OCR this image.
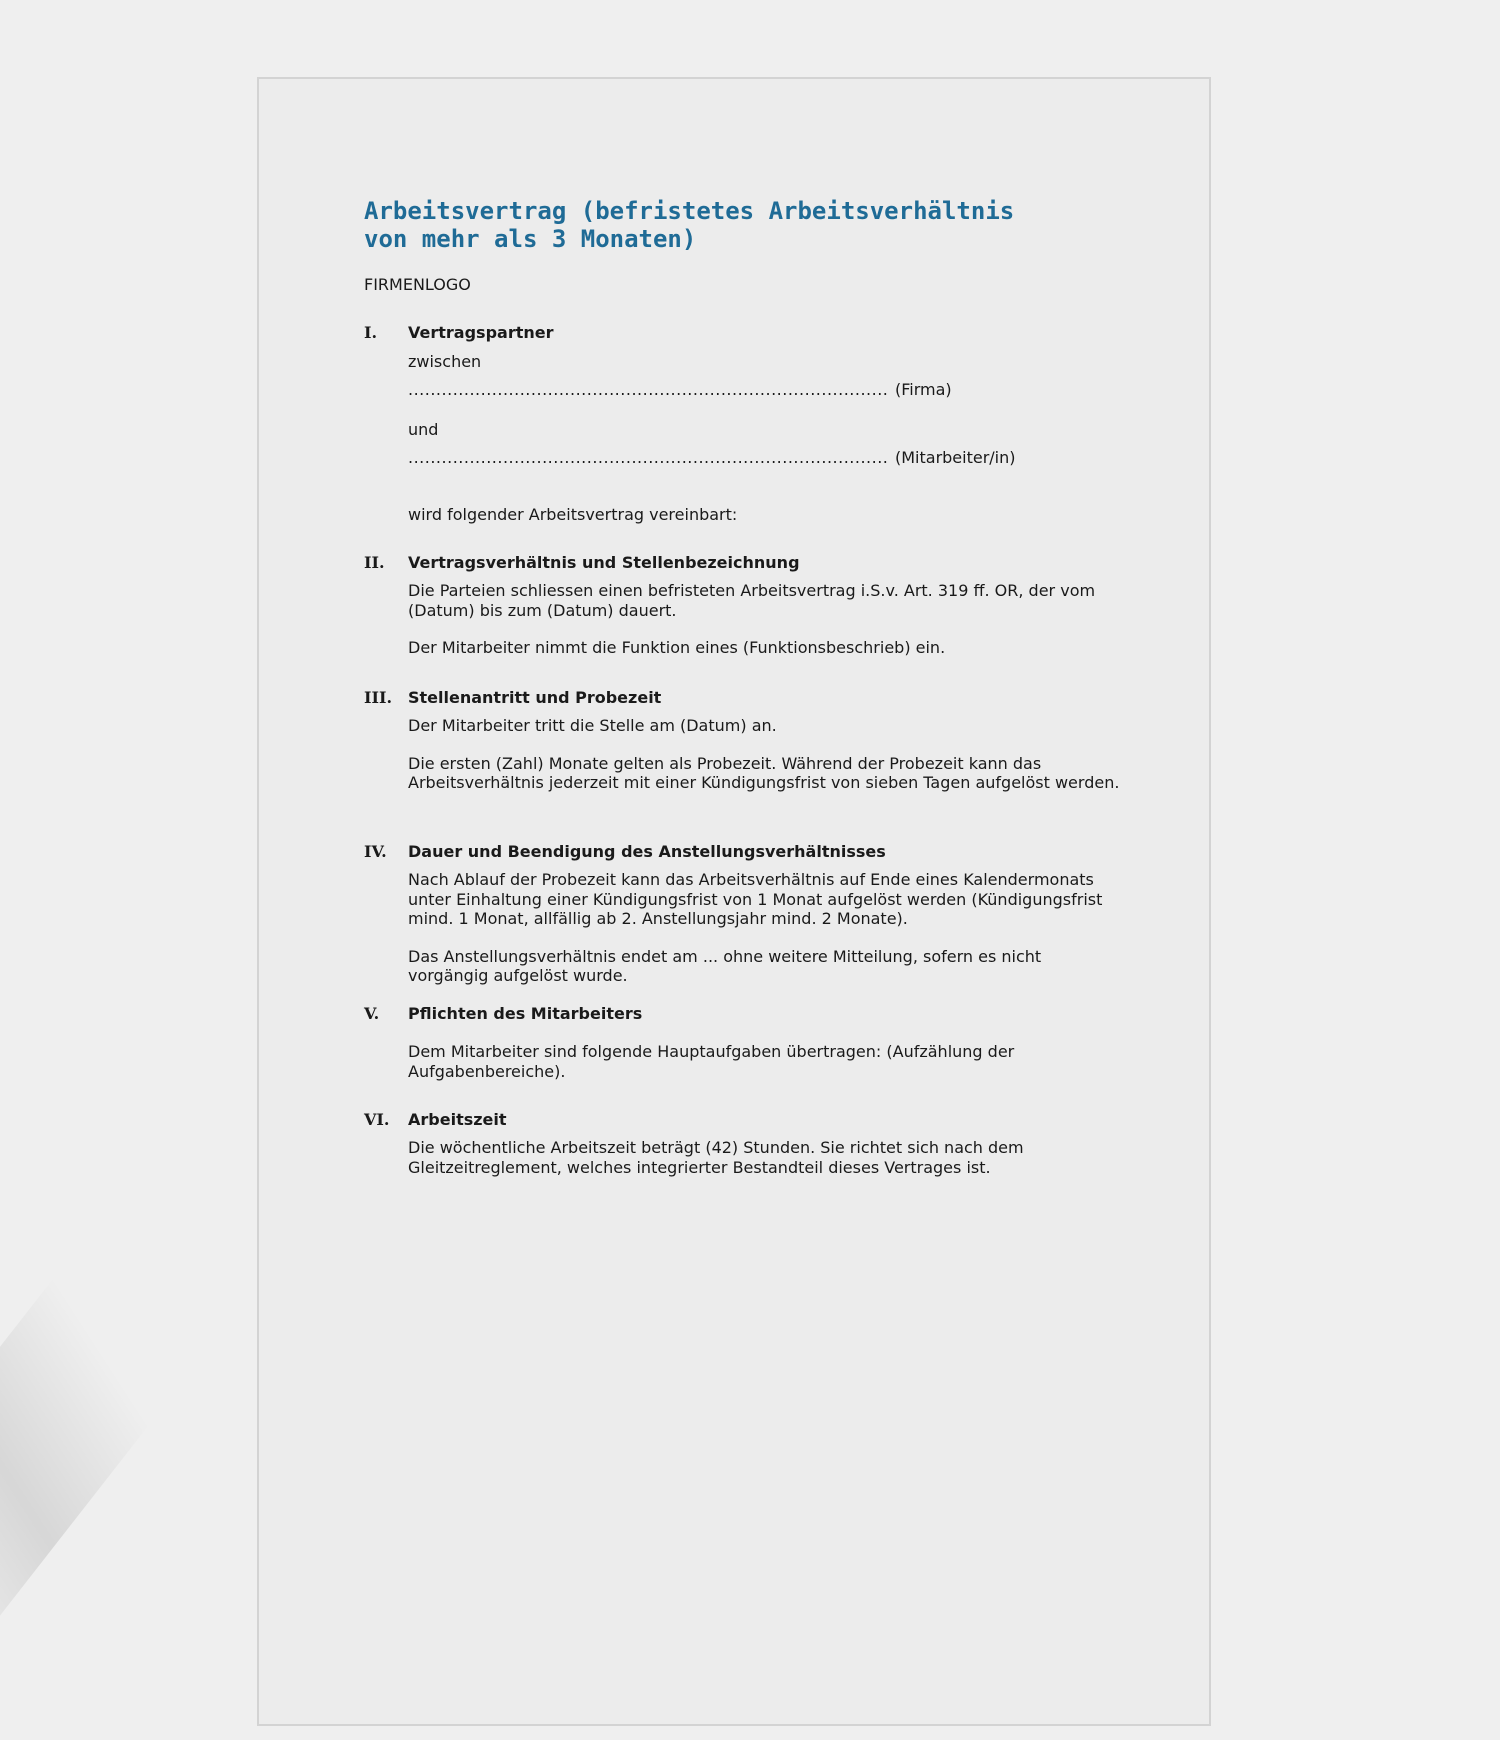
Arbeitsvertrag (befristetes Arbeitsverhältnis
von mehr als 3 Monaten)
FIRMENLOGO
I.	Vertragspartner

zwischen

...................................................................................... (Firma)

und

...................................................................................... (Mitarbeiter/in)

wird folgender Arbeitsvertrag vereinbart:

II.	Vertragsverhältnis und Stellenbezeichnung

Die Parteien schliessen einen befristeten Arbeitsvertrag i.S.v. Art. 319 ff. OR, der vom (Datum) bis zum (Datum) dauert.

Der Mitarbeiter nimmt die Funktion eines (Funktionsbeschrieb) ein.

III. Stellenantritt und Probezeit

Der Mitarbeiter tritt die Stelle am (Datum) an.

Die ersten (Zahl) Monate gelten als Probezeit. Während der Probezeit kann das Arbeitsverhältnis jederzeit mit einer Kündigungsfrist von sieben Tagen aufgelöst werden.

IV.	Dauer und Beendigung des Anstellungsverhältnisses

Nach Ablauf der Probezeit kann das Arbeitsverhältnis auf Ende eines Kalendermonats unter Einhaltung einer Kündigungsfrist von 1 Monat aufgelöst werden (Kündigungsfrist mind. 1 Monat, allfällig ab 2. Anstellungsjahr mind. 2 Monate).

Das Anstellungsverhältnis endet am ... ohne weitere Mitteilung, sofern es nicht vorgängig aufgelöst wurde.

V.	Pflichten des Mitarbeiters

Dem Mitarbeiter sind folgende Hauptaufgaben übertragen: (Aufzählung der Aufgabenbereiche).

VI.	Arbeitszeit

Die wöchentliche Arbeitszeit beträgt (42) Stunden. Sie richtet sich nach dem Gleitzeitreglement, welches integrierter Bestandteil dieses Vertrages ist.
